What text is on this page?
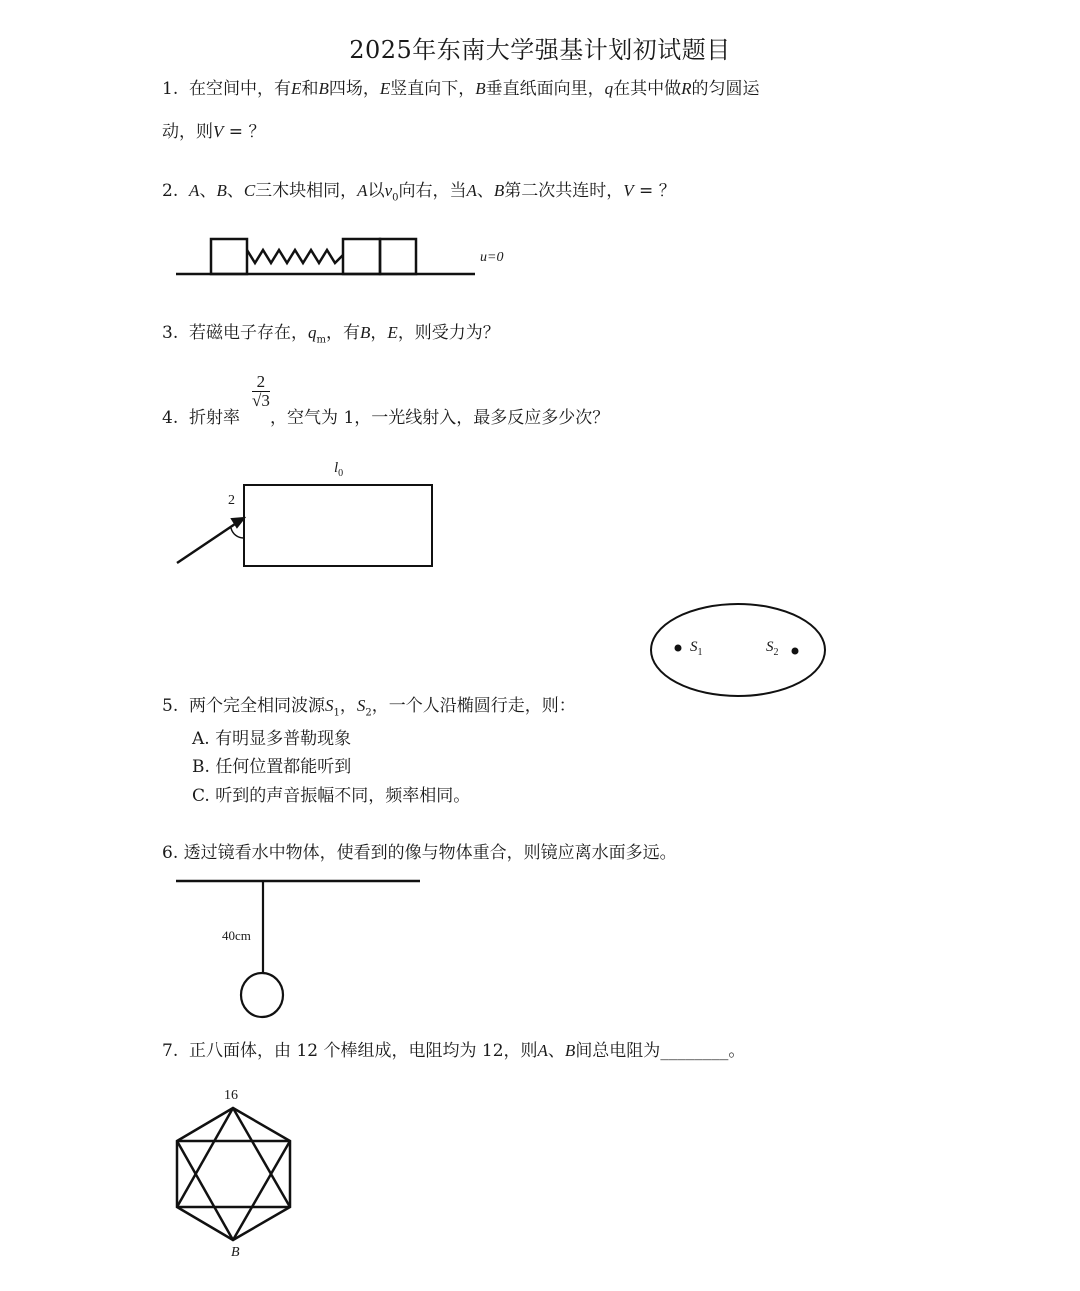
2025年东南大学强基计划初试题目
1. 在空间中，有E和B四场，E竖直向下，B垂直纸面向里，q在其中做R的匀圆运
动，则V = ？
2. A、B、C三木块相同，A以$v_0$向右，当A、B第二次共连时，V = ？
u=0
3. 若磁电子存在，$q_m$，有B，E，则受力为？
$\frac{2}{√3}$
4. 折射率 ，空气为 1，一光线射入，最多反应多少次？
$l_0$
2
$S_1$	$S_2$
5. 两个完全相同波源$S_1$，$S_2$，一个人沿椭圆行走，则：
A. 有明显多普勒现象
B. 任何位置都能听到
C. 听到的声音振幅不同，频率相同。
6. 透过镜看水中物体，使看到的像与物体重合，则镜应离水面多远。
40cm
7. 正八面体，由 12 个棒组成，电阻均为 12，则A、B间总电阻为________。
16
B
